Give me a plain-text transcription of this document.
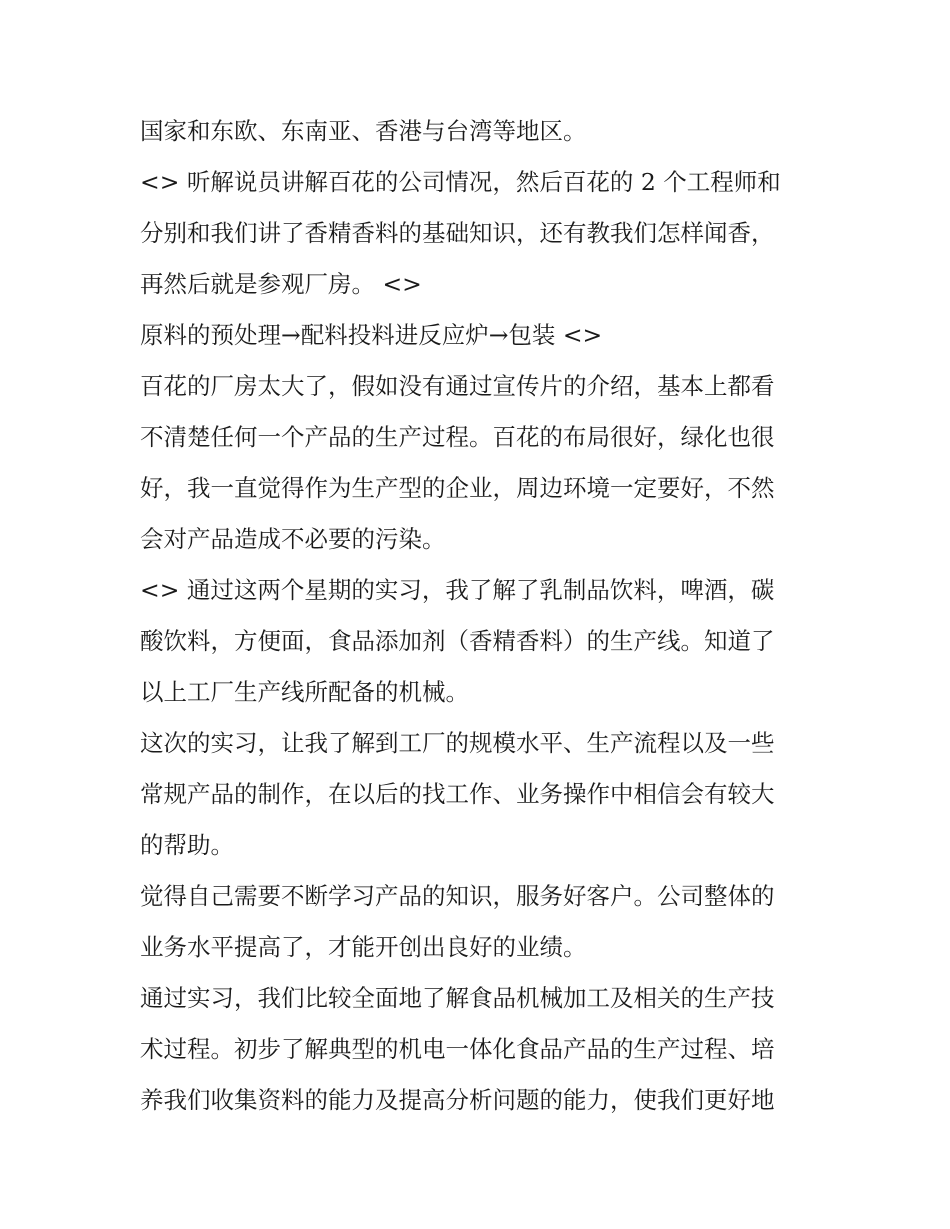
国家和东欧、东南亚、香港与台湾等地区。
<> 听解说员讲解百花的公司情况，然后百花的 2 个工程师和
分别和我们讲了香精香料的基础知识，还有教我们怎样闻香，
再然后就是参观厂房。 <>
原料的预处理→配料投料进反应炉→包装 <>
百花的厂房太大了，假如没有通过宣传片的介绍，基本上都看
不清楚任何一个产品的生产过程。百花的布局很好，绿化也很
好，我一直觉得作为生产型的企业，周边环境一定要好，不然
会对产品造成不必要的污染。
<> 通过这两个星期的实习，我了解了乳制品饮料，啤酒，碳
酸饮料，方便面，食品添加剂（香精香料）的生产线。知道了
以上工厂生产线所配备的机械。
这次的实习，让我了解到工厂的规模水平、生产流程以及一些
常规产品的制作，在以后的找工作、业务操作中相信会有较大
的帮助。
觉得自己需要不断学习产品的知识，服务好客户。公司整体的
业务水平提高了，才能开创出良好的业绩。
通过实习，我们比较全面地了解食品机械加工及相关的生产技
术过程。初步了解典型的机电一体化食品产品的生产过程、培
养我们收集资料的能力及提高分析问题的能力，使我们更好地
